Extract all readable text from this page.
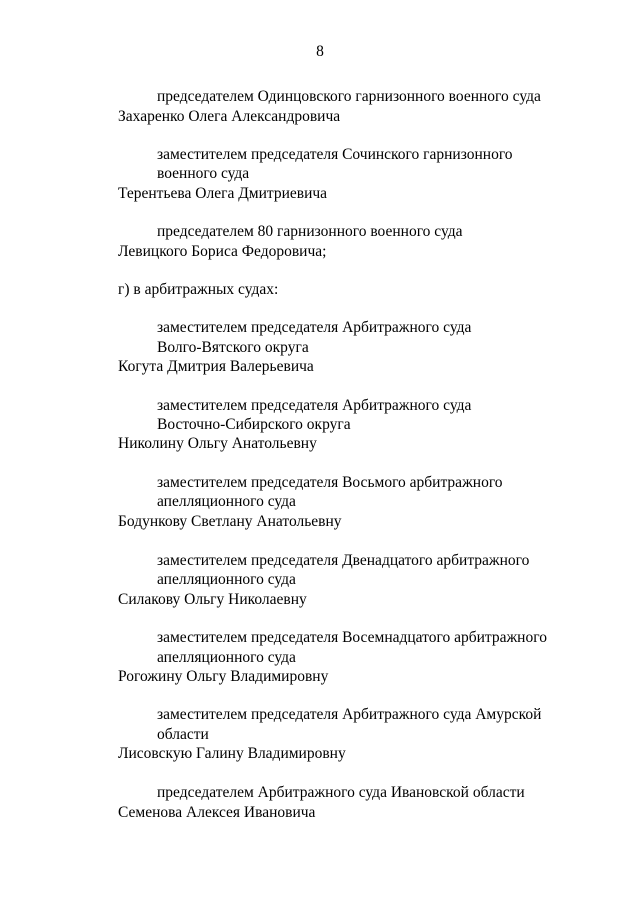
8
председателем Одинцовского гарнизонного военного суда
Захаренко Олега Александровича
заместителем председателя Сочинского гарнизонного
военного суда
Терентьева Олега Дмитриевича
председателем 80 гарнизонного военного суда
Левицкого Бориса Федоровича;
г) в арбитражных судах:
заместителем председателя Арбитражного суда
Волго-Вятского округа
Когута Дмитрия Валерьевича
заместителем председателя Арбитражного суда
Восточно-Сибирского округа
Николину Ольгу Анатольевну
заместителем председателя Восьмого арбитражного
апелляционного суда
Бодункову Светлану Анатольевну
заместителем председателя Двенадцатого арбитражного
апелляционного суда
Силакову Ольгу Николаевну
заместителем председателя Восемнадцатого арбитражного
апелляционного суда
Рогожину Ольгу Владимировну
заместителем председателя Арбитражного суда Амурской
области
Лисовскую Галину Владимировну
председателем Арбитражного суда Ивановской области
Семенова Алексея Ивановича
